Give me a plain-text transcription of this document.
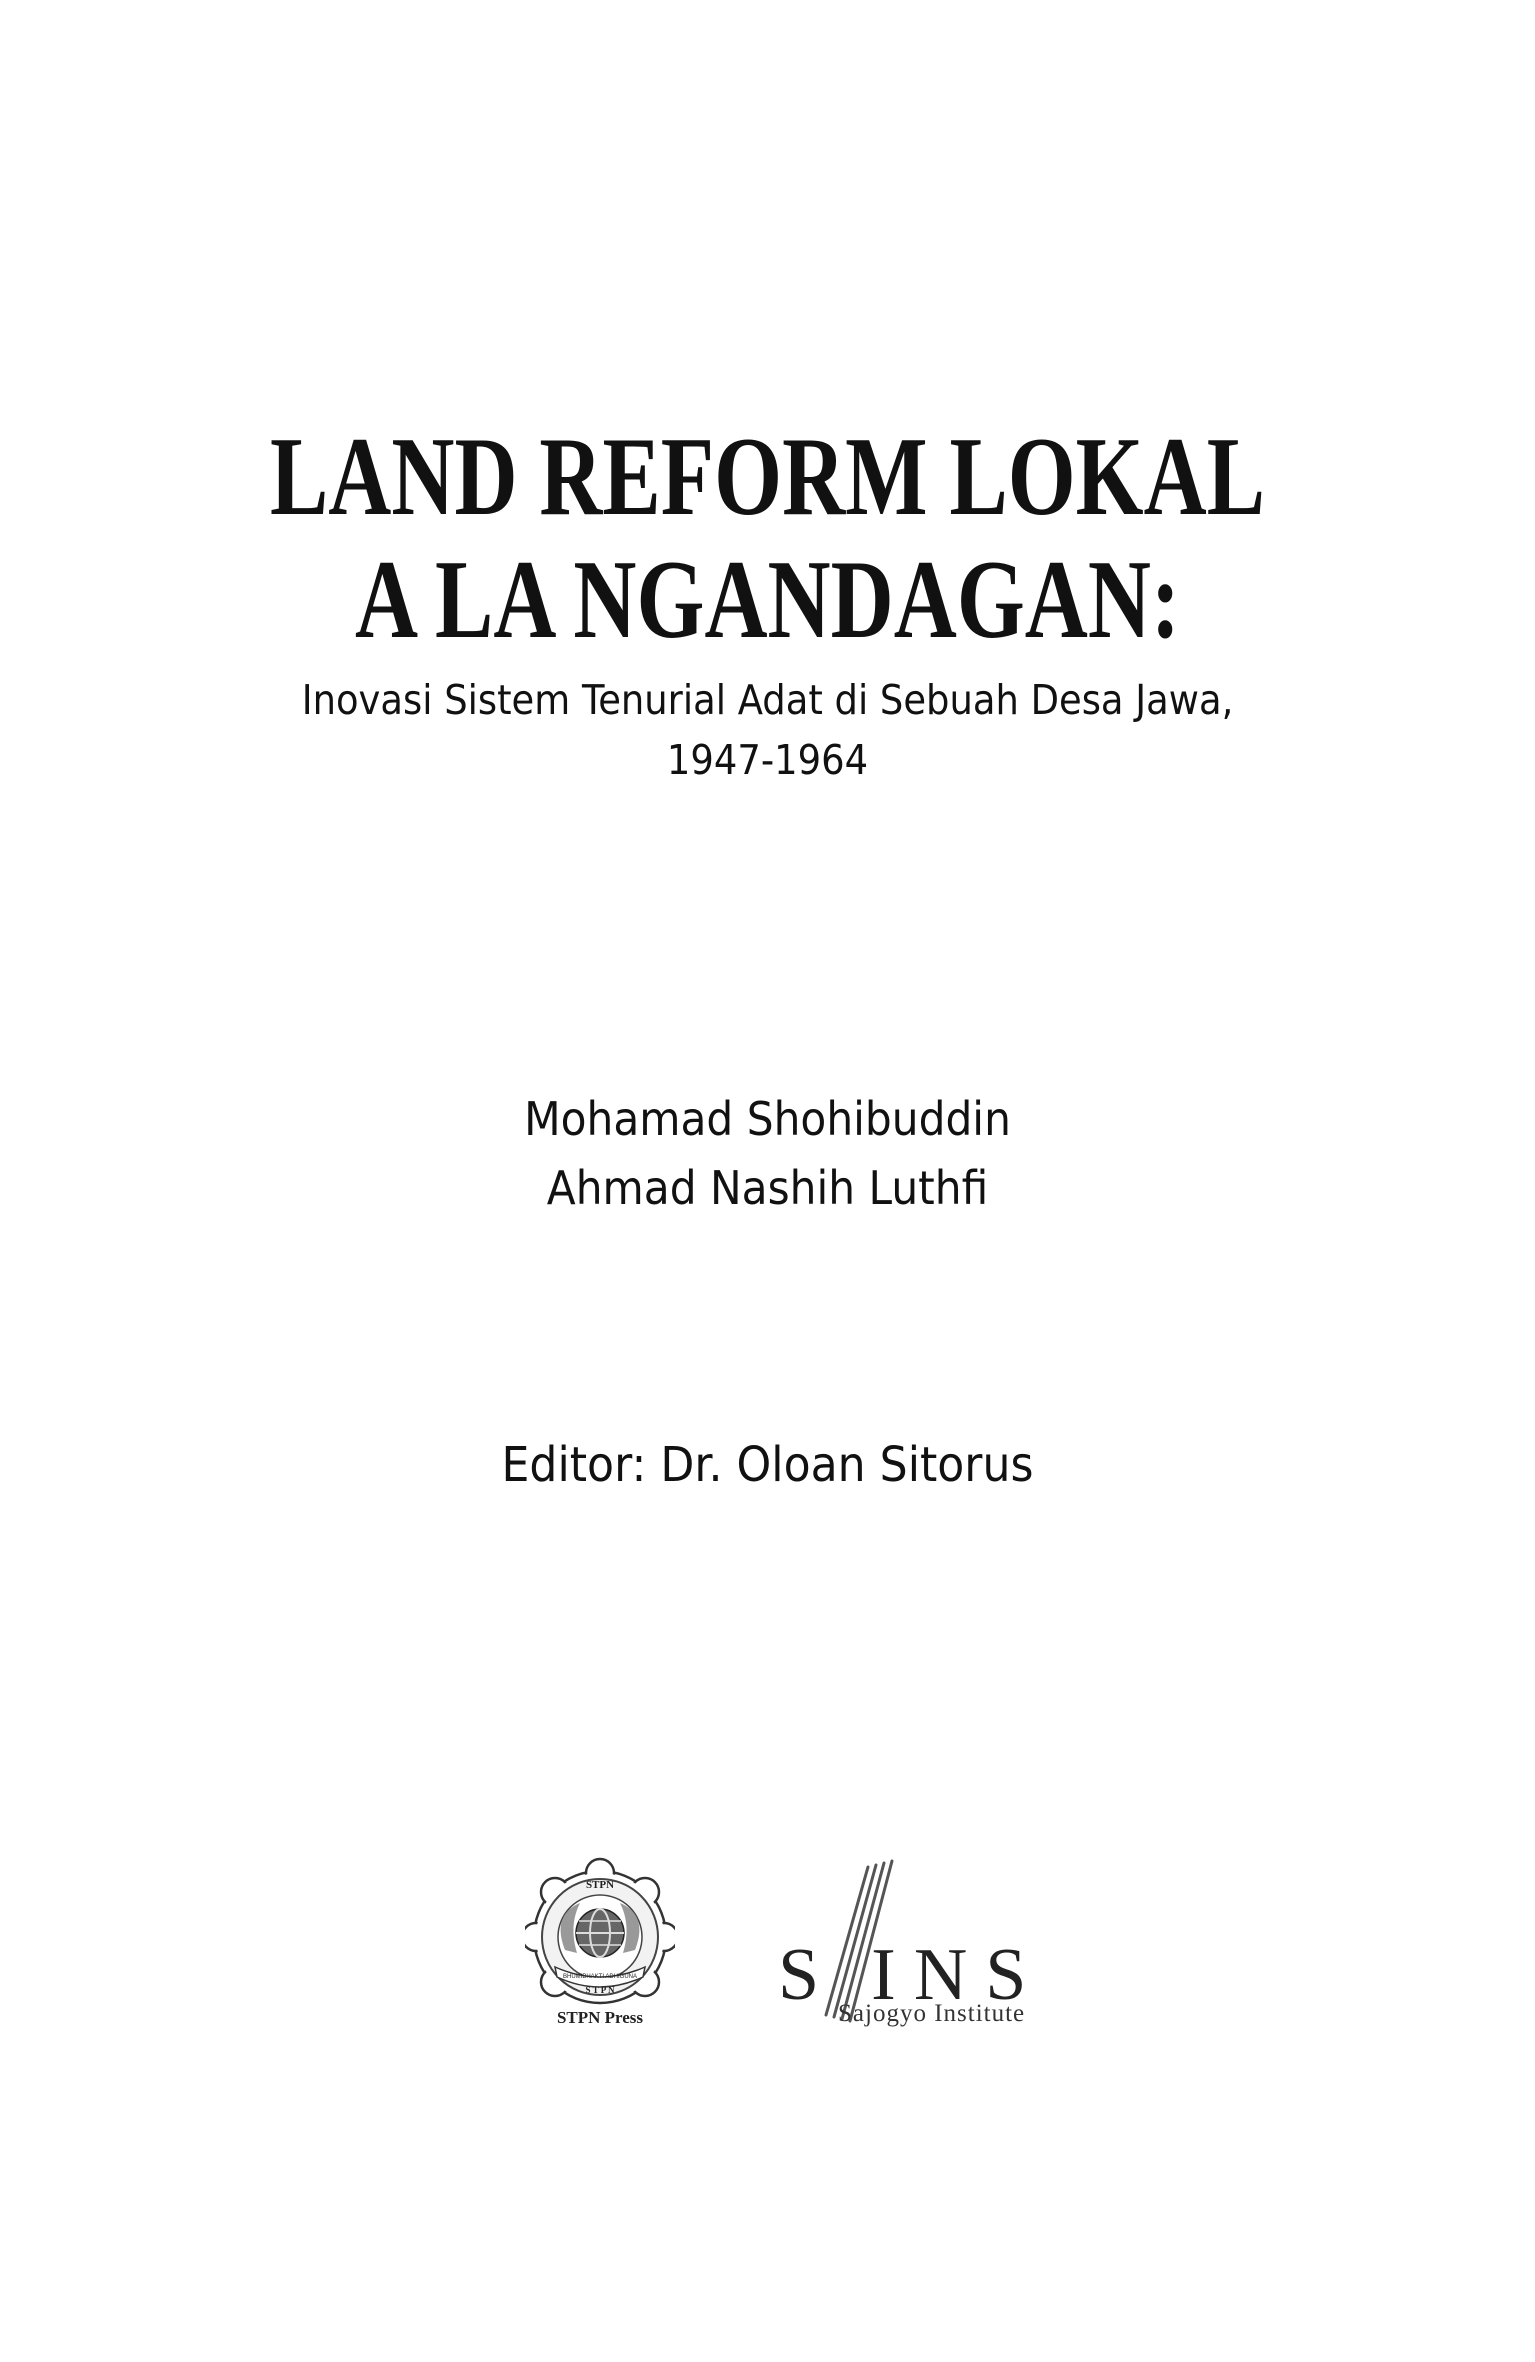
LAND REFORM LOKAL
A LA NGANDAGAN:
Inovasi Sistem Tenurial Adat di Sebuah Desa Jawa,
1947-1964
Mohamad Shohibuddin
Ahmad Nashih Luthfi
Editor: Dr. Oloan Sitorus
STPN
BHUMIBHAKTI ADHIGUNA
S T P N
STPN Press
S INS
Sajogyo Institute
